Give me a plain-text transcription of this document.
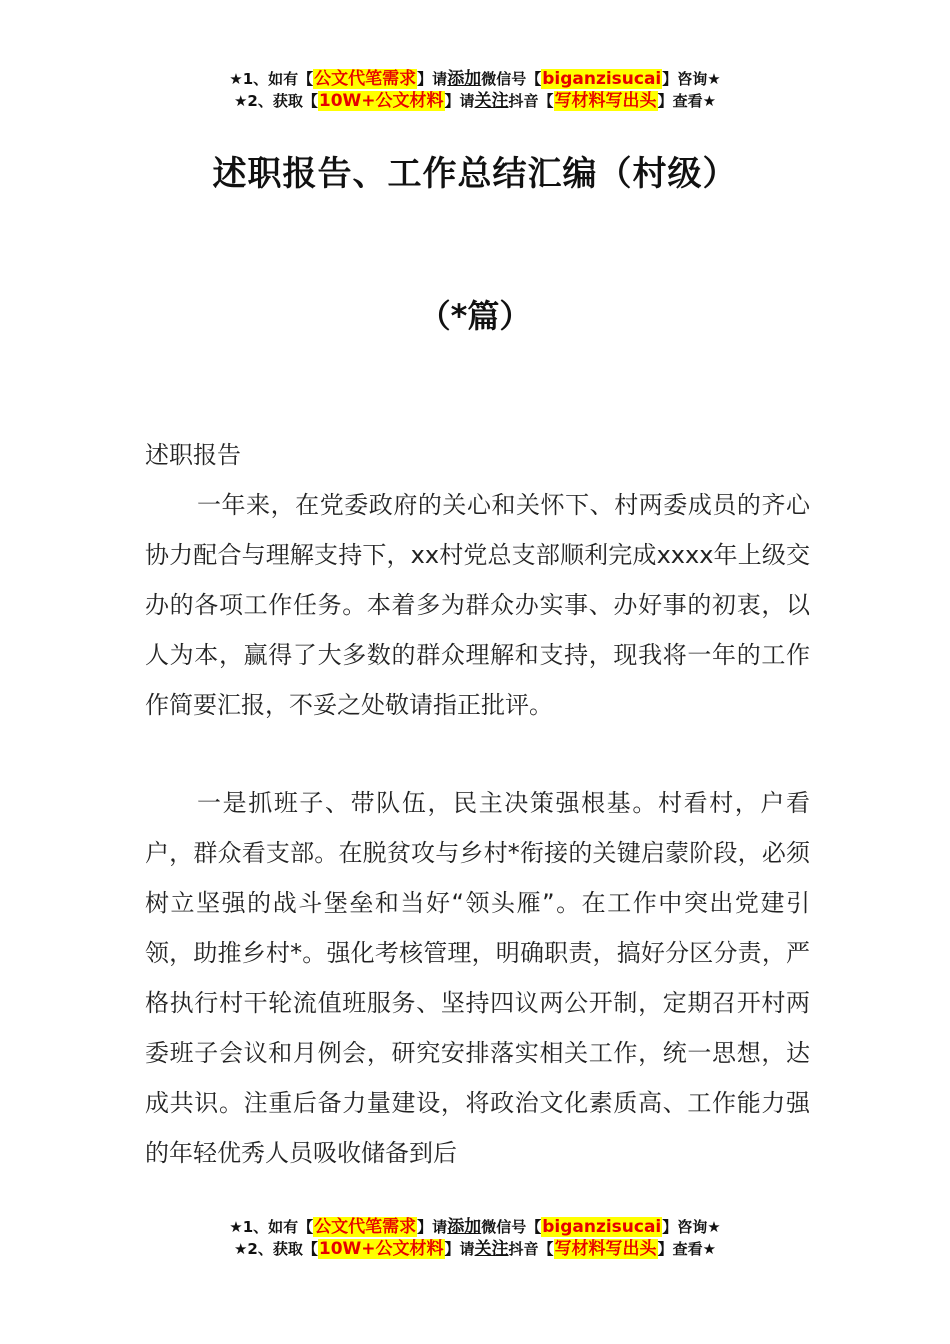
★1、如有【公文代笔需求】请添加微信号【biganzisucai】咨询★
★2、获取【10W+公文材料】请关注抖音【写材料写出头】查看★
述职报告、工作总结汇编（村级）
（*篇）

述职报告

一年来，在党委政府的关心和关怀下、村两委成员的齐心协力配合与理解支持下，xx村党总支部顺利完成xxxx年上级交办的各项工作任务。本着多为群众办实事、办好事的初衷，以人为本，赢得了大多数的群众理解和支持，现我将一年的工作作简要汇报，不妥之处敬请指正批评。

一是抓班子、带队伍，民主决策强根基。村看村，户看户，群众看支部。在脱贫攻与乡村*衔接的关键启蒙阶段，必须树立坚强的战斗堡垒和当好“领头雁”。在工作中突出党建引领，助推乡村*。强化考核管理，明确职责，搞好分区分责，严格执行村干轮流值班服务、坚持四议两公开制，定期召开村两委班子会议和月例会，研究安排落实相关工作，统一思想，达成共识。注重后备力量建设，将政治文化素质高、工作能力强的年轻优秀人员吸收储备到后

★1、如有【公文代笔需求】请添加微信号【biganzisucai】咨询★
★2、获取【10W+公文材料】请关注抖音【写材料写出头】查看★
